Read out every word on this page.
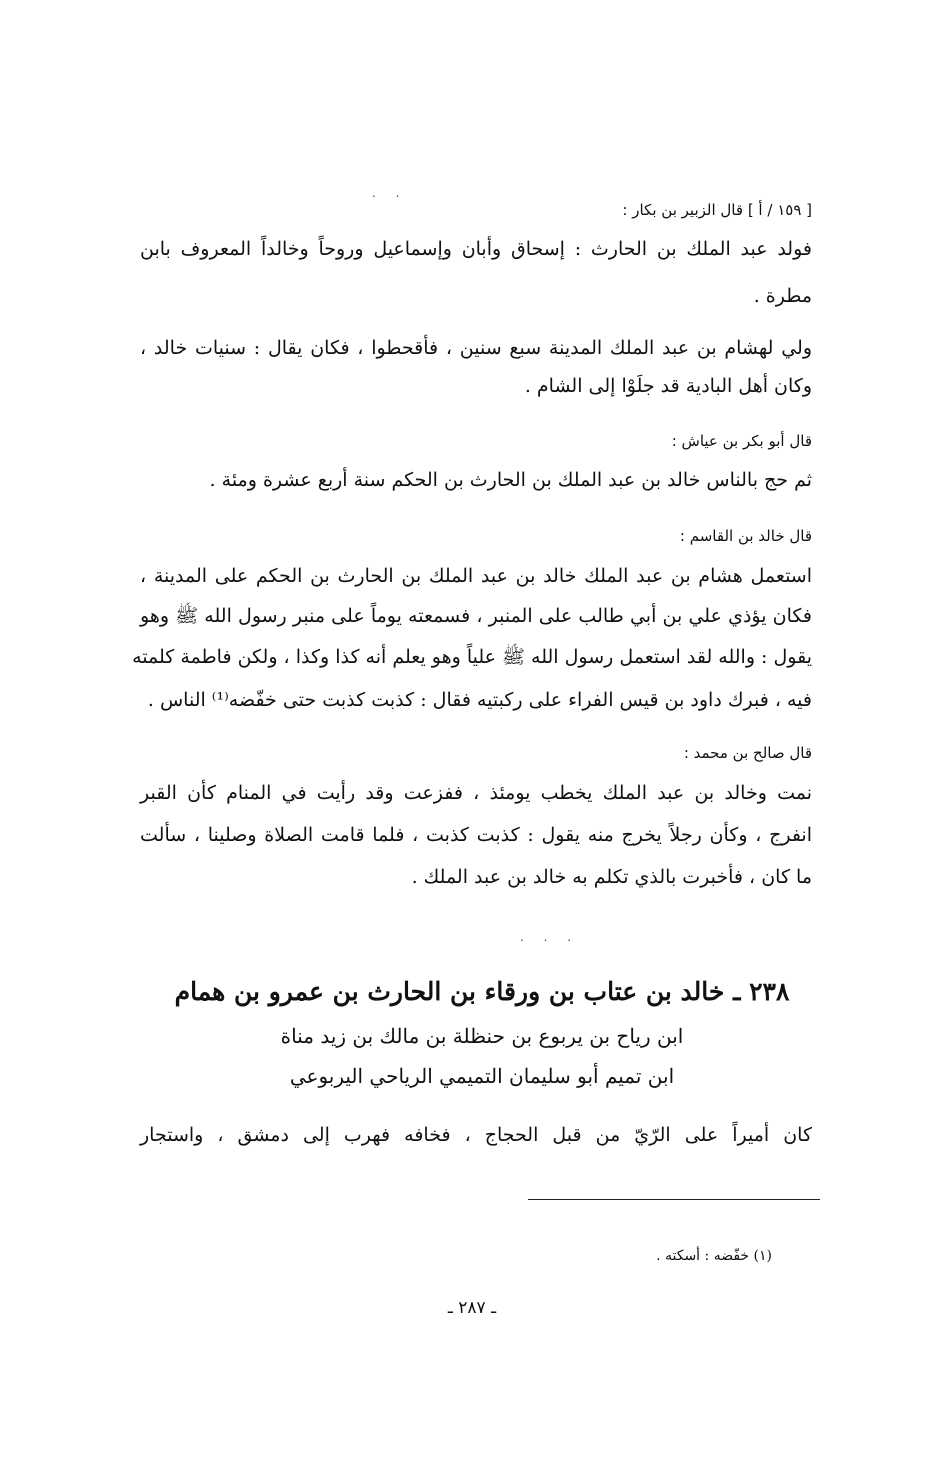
. .
[ ١٥٩ / أ ] قال الزبير بن بكار :
فولد عبد الملك بن الحارث : إسحاق وأبان وإسماعيل وروحاً وخالداً المعروف بابن
مطرة .
ولي لهشام بن عبد الملك المدينة سبع سنين ، فأقحطوا ، فكان يقال : سنيات خالد ،
وكان أهل البادية قد جلَوْا إلى الشام .
قال أبو بكر بن عياش :
ثم حج بالناس خالد بن عبد الملك بن الحارث بن الحكم سنة أربع عشرة ومئة .
قال خالد بن القاسم :
استعمل هشام بن عبد الملك خالد بن عبد الملك بن الحارث بن الحكم على المدينة ،
فكان يؤذي علي بن أبي طالب على المنبر ، فسمعته يوماً على منبر رسول الله ﷺ وهو
يقول : والله لقد استعمل رسول الله ﷺ علياً وهو يعلم أنه كذا وكذا ، ولكن فاطمة كلمته
فيه ، فبرك داود بن قيس الفراء على ركبتيه فقال : كذبت كذبت حتى خفّضه⁽¹⁾ الناس .
قال صالح بن محمد :
نمت وخالد بن عبد الملك يخطب يومئذ ، ففزعت وقد رأيت في المنام كأن القبر
انفرج ، وكأن رجلاً يخرج منه يقول : كذبت كذبت ، فلما قامت الصلاة وصلينا ، سألت
ما كان ، فأخبرت بالذي تكلم به خالد بن عبد الملك .
. . .
٢٣٨ ـ خالد بن عتاب بن ورقاء بن الحارث بن عمرو بن همام
ابن رياح بن يربوع بن حنظلة بن مالك بن زيد مناة
ابن تميم أبو سليمان التميمي الرياحي اليربوعي
كان أميراً على الرّيّ من قبل الحجاج ، فخافه فهرب إلى دمشق ، واستجار
(١) خفّضه : أسكته .
ـ ٢٨٧ ـ
